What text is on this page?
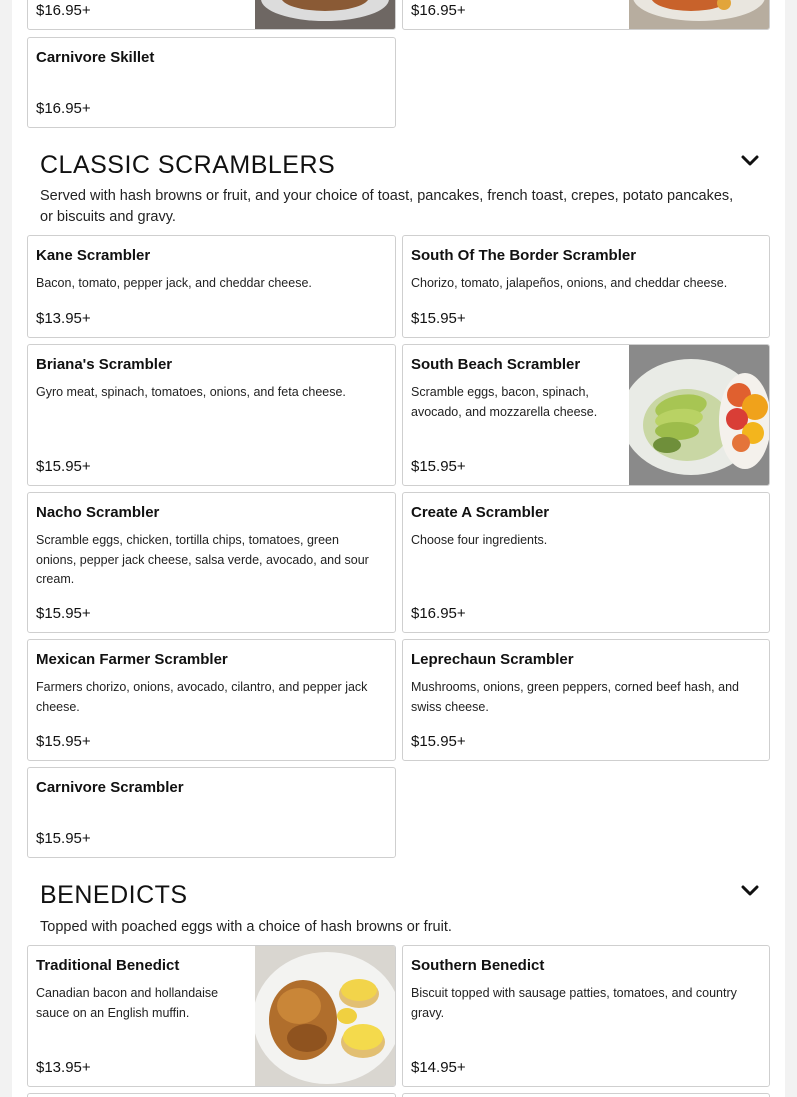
$16.95+	$16.95+
Carnivore Skillet
$16.95+
CLASSIC SCRAMBLERS
Served with hash browns or fruit, and your choice of toast, pancakes, french toast, crepes, potato pancakes, or biscuits and gravy.
Kane Scrambler
Bacon, tomato, pepper jack, and cheddar cheese.
$13.95+
South Of The Border Scrambler
Chorizo, tomato, jalapeños, onions, and cheddar cheese.
$15.95+
Briana's Scrambler
Gyro meat, spinach, tomatoes, onions, and feta cheese.
$15.95+
South Beach Scrambler
Scramble eggs, bacon, spinach, avocado, and mozzarella cheese.
$15.95+
Nacho Scrambler
Scramble eggs, chicken, tortilla chips, tomatoes, green onions, pepper jack cheese, salsa verde, avocado, and sour cream.
$15.95+
Create A Scrambler
Choose four ingredients.
$16.95+
Mexican Farmer Scrambler
Farmers chorizo, onions, avocado, cilantro, and pepper jack cheese.
$15.95+
Leprechaun Scrambler
Mushrooms, onions, green peppers, corned beef hash, and swiss cheese.
$15.95+
Carnivore Scrambler
$15.95+
BENEDICTS
Topped with poached eggs with a choice of hash browns or fruit.
Traditional Benedict
Canadian bacon and hollandaise sauce on an English muffin.
$13.95+
Southern Benedict
Biscuit topped with sausage patties, tomatoes, and country gravy.
$14.95+
